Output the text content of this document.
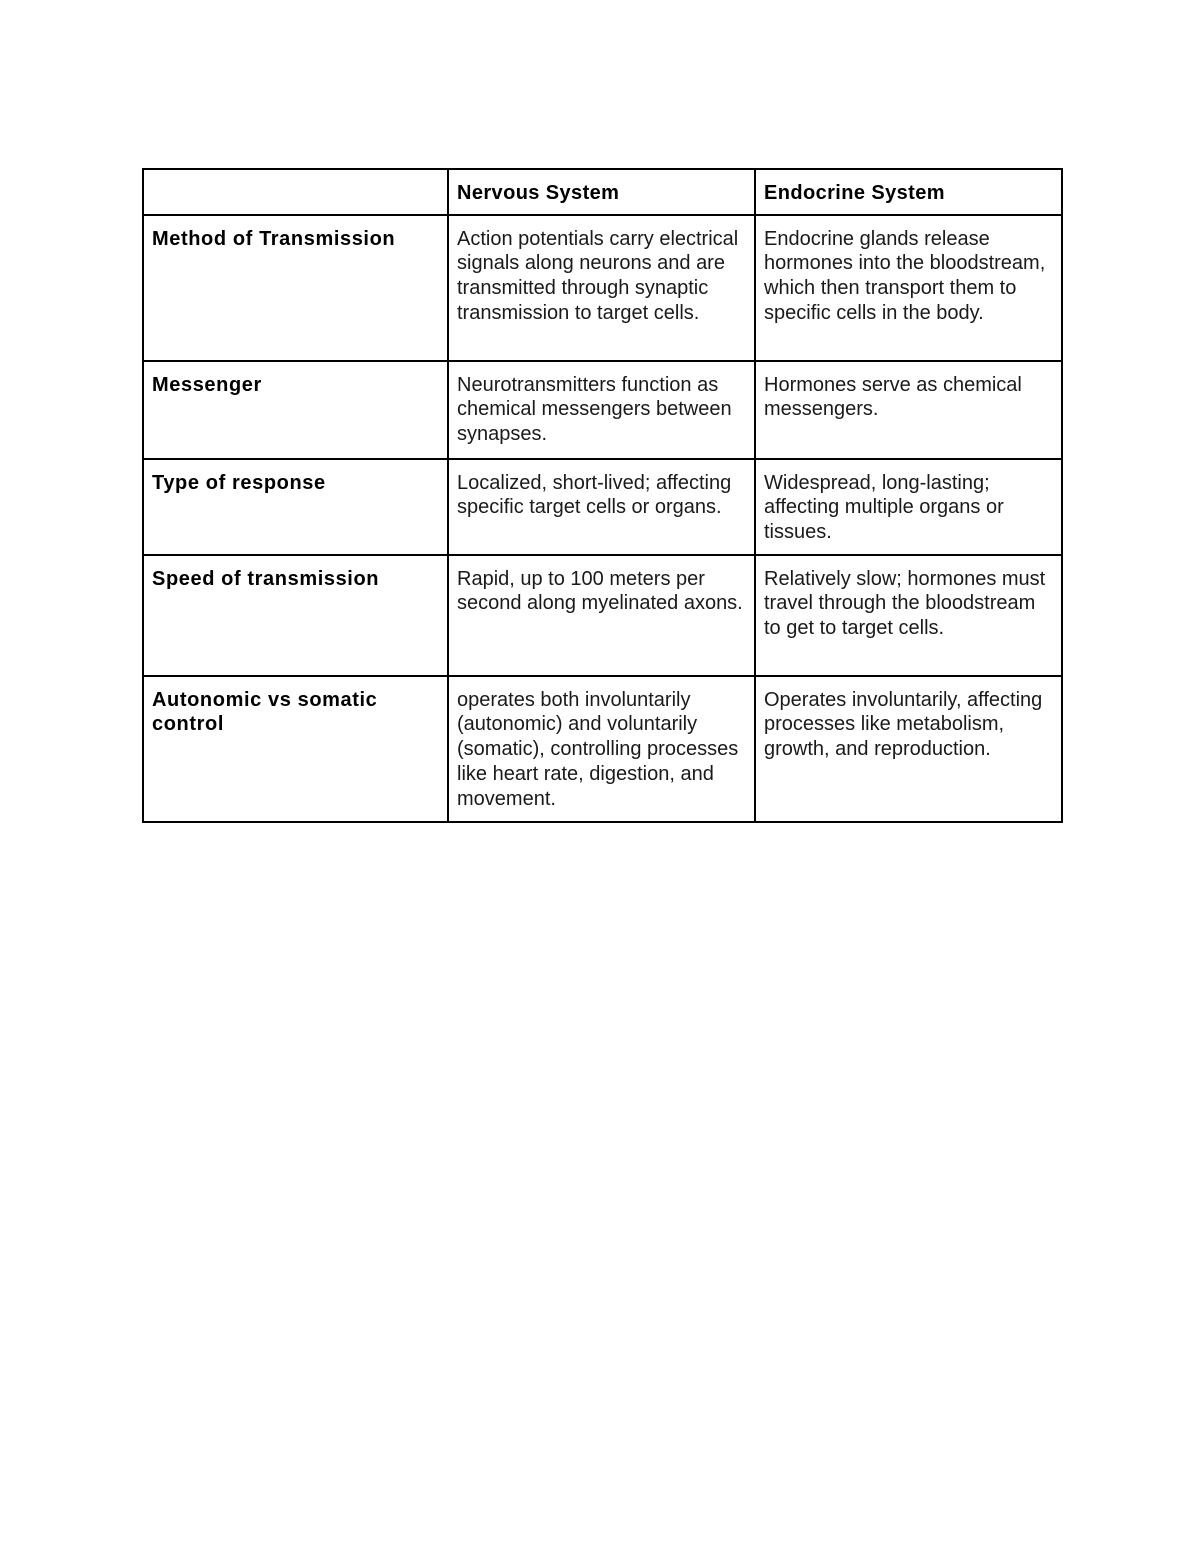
	Nervous System	Endocrine System
Method of Transmission	Action potentials carry electrical signals along neurons and are transmitted through synaptic transmission to target cells.	Endocrine glands release hormones into the bloodstream, which then transport them to specific cells in the body.
Messenger	Neurotransmitters function as chemical messengers between synapses.	Hormones serve as chemical messengers.
Type of response	Localized, short-lived; affecting specific target cells or organs.	Widespread, long-lasting; affecting multiple organs or tissues.
Speed of transmission	Rapid, up to 100 meters per second along myelinated axons.	Relatively slow; hormones must travel through the bloodstream to get to target cells.
Autonomic vs somatic control	operates both involuntarily (autonomic) and voluntarily (somatic), controlling processes like heart rate, digestion, and movement.	Operates involuntarily, affecting processes like metabolism, growth, and reproduction.
